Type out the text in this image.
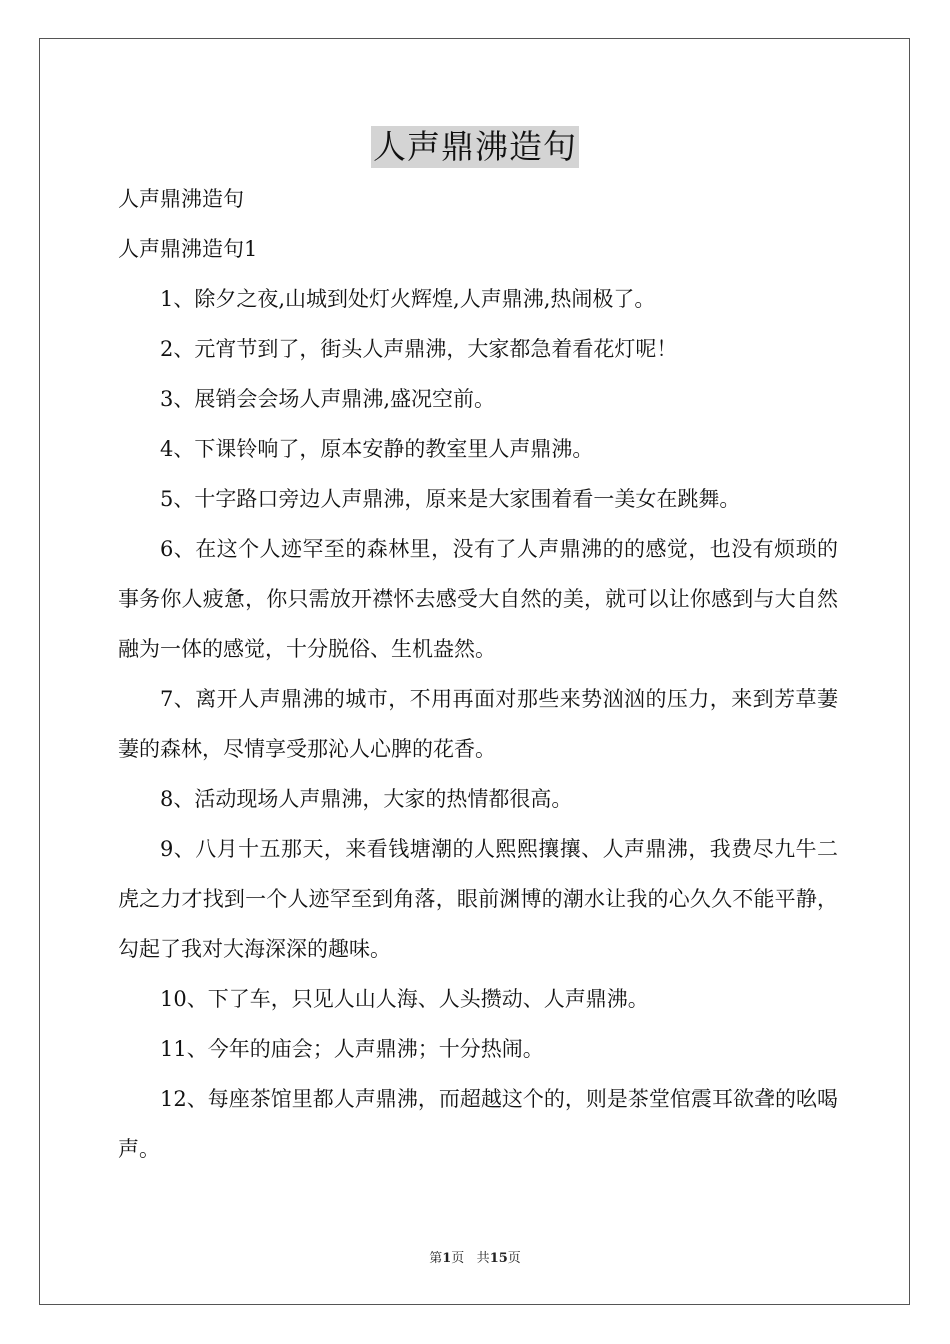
人声鼎沸造句

人声鼎沸造句

人声鼎沸造句1

1、除夕之夜,山城到处灯火辉煌,人声鼎沸,热闹极了。

2、元宵节到了，街头人声鼎沸，大家都急着看花灯呢！

3、展销会会场人声鼎沸,盛况空前。

4、下课铃响了，原本安静的教室里人声鼎沸。

5、十字路口旁边人声鼎沸，原来是大家围着看一美女在跳舞。

6、在这个人迹罕至的森林里，没有了人声鼎沸的的感觉，也没有烦琐的事务你人疲惫，你只需放开襟怀去感受大自然的美，就可以让你感到与大自然融为一体的感觉，十分脱俗、生机盎然。

7、离开人声鼎沸的城市，不用再面对那些来势汹汹的压力，来到芳草萋萋的森林，尽情享受那沁人心脾的花香。

8、活动现场人声鼎沸，大家的热情都很高。

9、八月十五那天，来看钱塘潮的人熙熙攘攘、人声鼎沸，我费尽九牛二虎之力才找到一个人迹罕至到角落，眼前渊博的潮水让我的心久久不能平静，勾起了我对大海深深的趣味。

10、下了车，只见人山人海、人头攒动、人声鼎沸。

11、今年的庙会；人声鼎沸；十分热闹。

12、每座茶馆里都人声鼎沸，而超越这个的，则是茶堂倌震耳欲聋的吆喝声。

第1页 共15页
